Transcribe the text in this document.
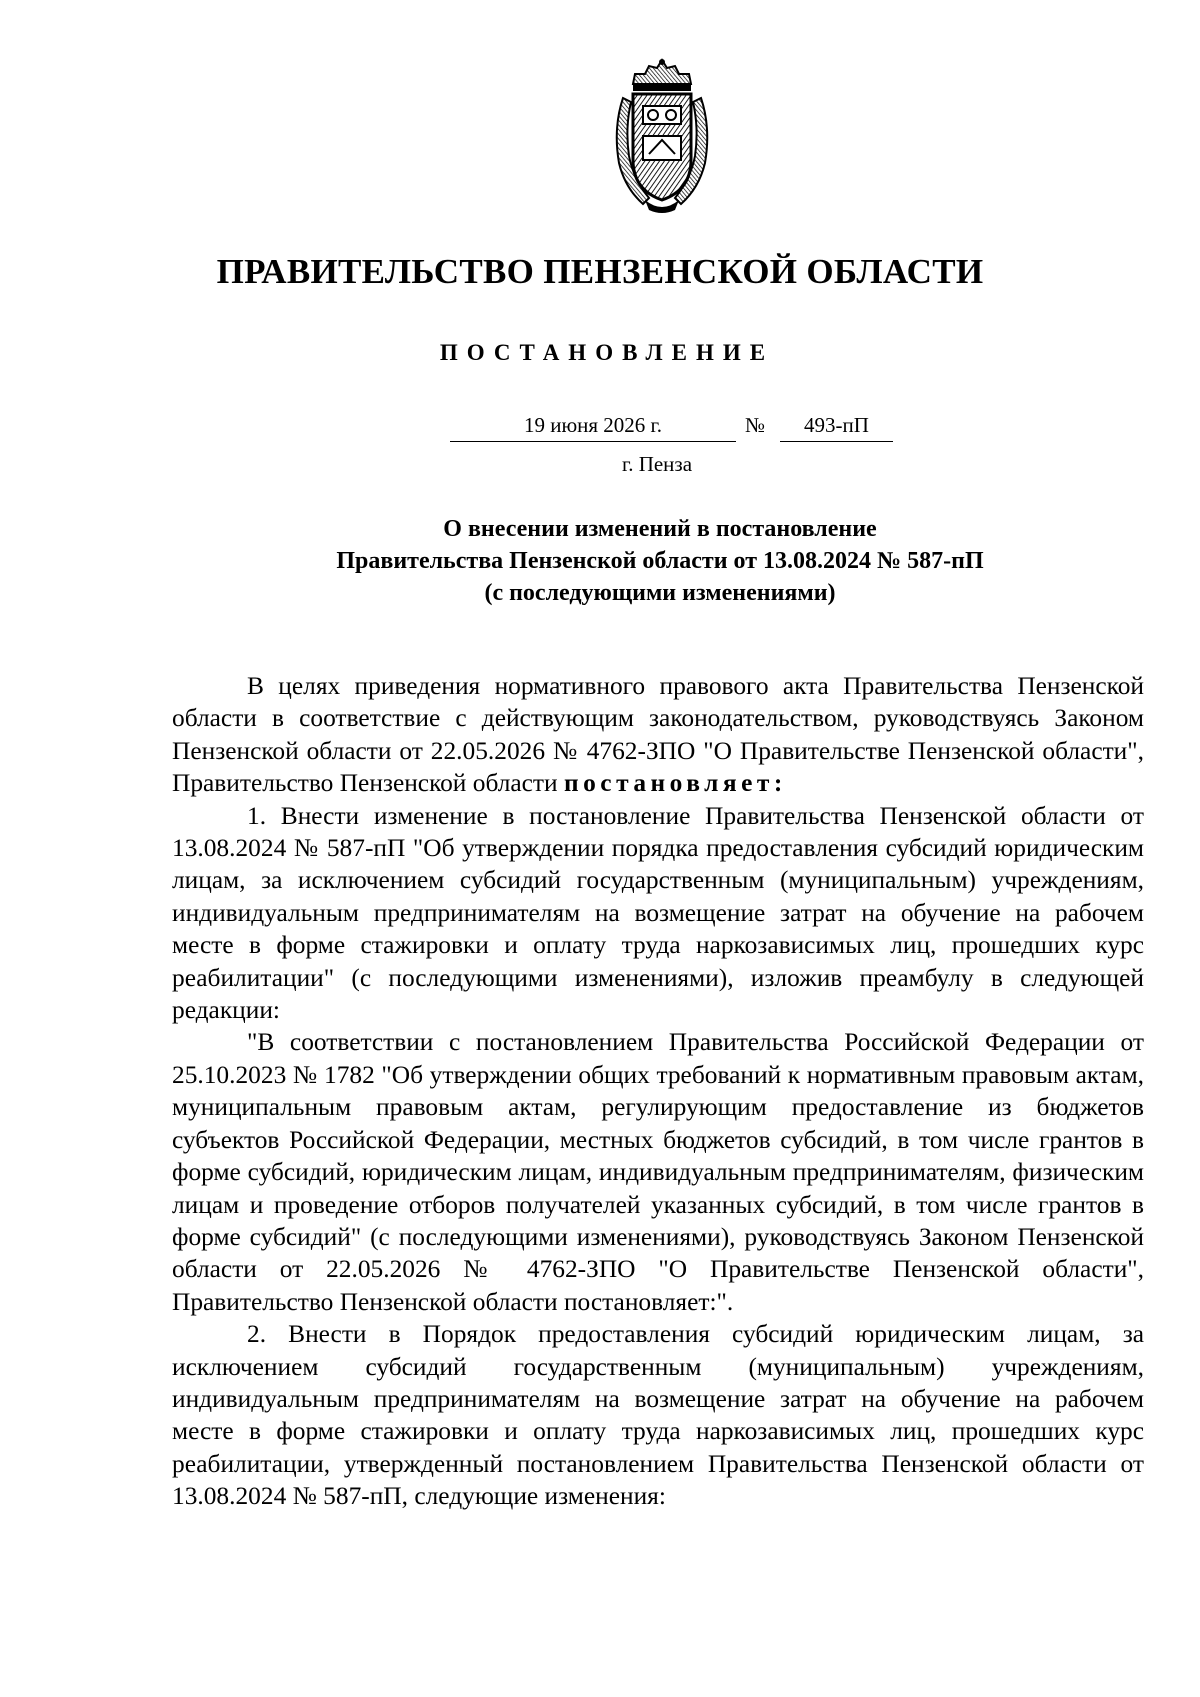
ПРАВИТЕЛЬСТВО ПЕНЗЕНСКОЙ ОБЛАСТИ
ПОСТАНОВЛЕНИЕ
19 июня 2026 г.	№	493-пП
г. Пенза
О внесении изменений в постановление
Правительства Пензенской области от 13.08.2024 № 587-пП
(с последующими изменениями)

В целях приведения нормативного правового акта Правительства Пензенской области в соответствие с действующим законодательством, руководствуясь Законом Пензенской области от 22.05.2026 № 4762-ЗПО "О Правительстве Пензенской области", Правительство Пензенской области постановляет:

1. Внести изменение в постановление Правительства Пензенской области от 13.08.2024 № 587-пП "Об утверждении порядка предоставления субсидий юридическим лицам, за исключением субсидий государственным (муниципальным) учреждениям, индивидуальным предпринимателям на возмещение затрат на обучение на рабочем месте в форме стажировки и оплату труда наркозависимых лиц, прошедших курс реабилитации" (с последующими изменениями), изложив преамбулу в следующей редакции:

"В соответствии с постановлением Правительства Российской Федерации от 25.10.2023 № 1782 "Об утверждении общих требований к нормативным правовым актам, муниципальным правовым актам, регулирующим предоставление из бюджетов субъектов Российской Федерации, местных бюджетов субсидий, в том числе грантов в форме субсидий, юридическим лицам, индивидуальным предпринимателям, физическим лицам и проведение отборов получателей указанных субсидий, в том числе грантов в форме субсидий" (с последующими изменениями), руководствуясь Законом Пензенской области от 22.05.2026 № 4762-ЗПО "О Правительстве Пензенской области", Правительство Пензенской области постановляет:".

2. Внести в Порядок предоставления субсидий юридическим лицам, за исключением субсидий государственным (муниципальным) учреждениям, индивидуальным предпринимателям на возмещение затрат на обучение на рабочем месте в форме стажировки и оплату труда наркозависимых лиц, прошедших курс реабилитации, утвержденный постановлением Правительства Пензенской области от 13.08.2024 № 587-пП, следующие изменения:
